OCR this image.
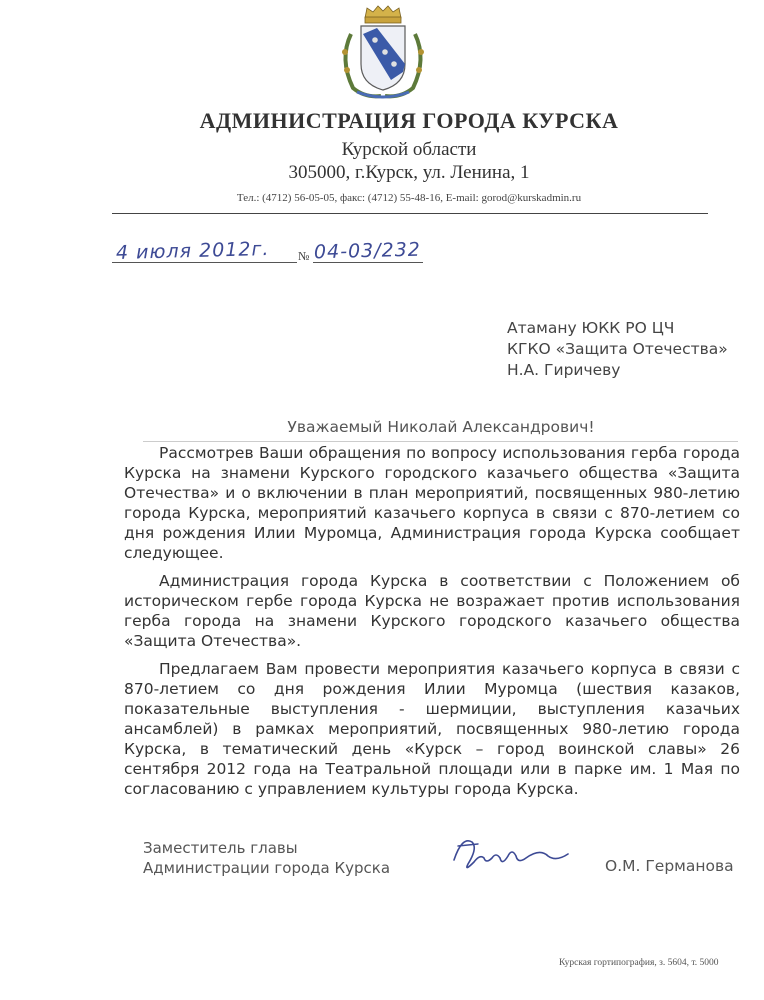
АДМИНИСТРАЦИЯ ГОРОДА КУРСКА
Курской области
305000, г.Курск, ул. Ленина, 1
Тел.: (4712) 56-05-05, факс: (4712) 55-48-16, E-mail: gorod@kurskadmin.ru
4 июля 2012г. № 04-03/232
Атаману ЮКК РО ЦЧ
КГКО «Защита Отечества»
Н.А. Гиричеву
Уважаемый Николай Александрович!

Рассмотрев Ваши обращения по вопросу использования герба города Курска на знамени Курского городского казачьего общества «Защита Отечества» и о включении в план мероприятий, посвященных 980-летию города Курска, мероприятий казачьего корпуса в связи с 870-летием со дня рождения Илии Муромца, Администрация города Курска сообщает следующее.

Администрация города Курска в соответствии с Положением об историческом гербе города Курска не возражает против использования герба города на знамени Курского городского казачьего общества «Защита Отечества».

Предлагаем Вам провести мероприятия казачьего корпуса в связи с 870-летием со дня рождения Илии Муромца (шествия казаков, показательные выступления - шермиции, выступления казачьих ансамблей) в рамках мероприятий, посвященных 980-летию города Курска, в тематический день «Курск – город воинской славы» 26 сентября 2012 года на Театральной площади или в парке им. 1 Мая по согласованию с управлением культуры города Курска.

Заместитель главы
Администрации города Курска	О.М. Германова
Курская гортипография, з. 5604, т. 5000
